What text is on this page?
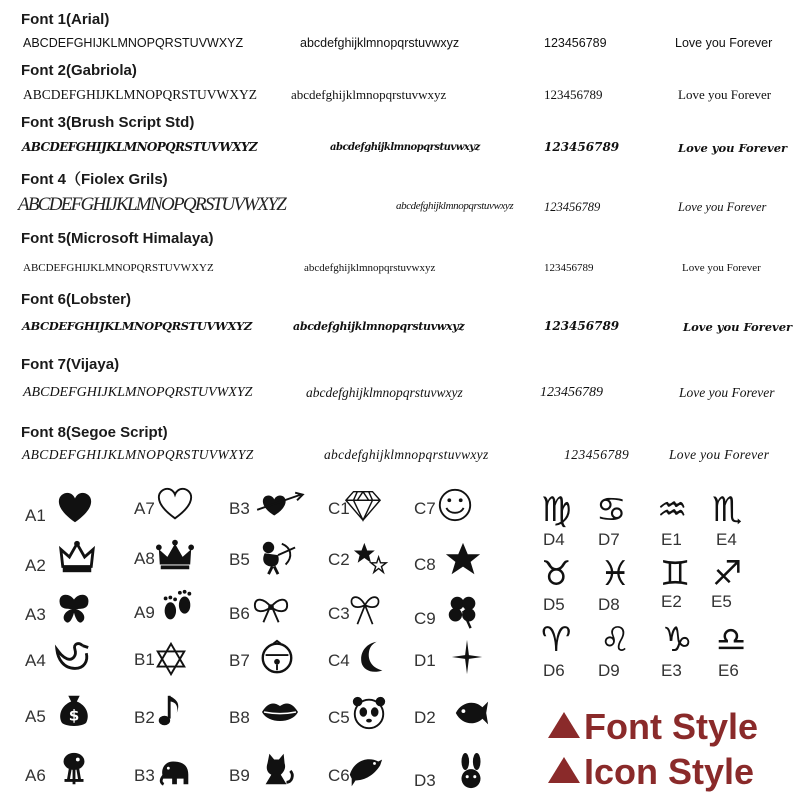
Font 1(Arial)
ABCDEFGHIJKLMNOPQRSTUVWXYZ	abcdefghijklmnopqrstuvwxyz	123456789	Love you Forever
Font 2(Gabriola)
ABCDEFGHIJKLMNOPQRSTUVWXYZ	abcdefghijklmnopqrstuvwxyz	123456789	Love you Forever
Font 3(Brush Script Std)
ABCDEFGHIJKLMNOPQRSTUVWXYZ	abcdefghijklmnopqrstuvwxyz	123456789	Love you Forever
Font 4（Fiolex Grils)
ABCDEFGHIJKLMNOPQRSTUVWXYZ	abcdefghijklmnopqrstuvwxyz 123456789	Love you Forever
Font 5(Microsoft Himalaya)
ABCDEFGHIJKLMNOPQRSTUVWXYZ	abcdefghijklmnopqrstuvwxyz	123456789	Love you Forever
Font 6(Lobster)
ABCDEFGHIJKLMNOPQRSTUVWXYZ	abcdefghijklmnopqrstuvwxyz	123456789	Love you Forever
Font 7(Vijaya)
ABCDEFGHIJKLMNOPQRSTUVWXYZ	abcdefghijklmnopqrstuvwxyz	123456789	Love you Forever
Font 8(Segoe Script)
ABCDEFGHIJKLMNOPQRSTUVWXYZ	abcdefghijklmnopqrstuvwxyz	123456789	Love you Forever
A1
A2
A3
A4
A5 $
A6
A7
A8
A9
B1
B2
B3
B3
B5
B6
B7
B8
B9
C1
C2
C3
C4
C5
C6
C7
C8
C9
D1
D2
D3
♍
D4
♋
D7
♒
E1
♏
E4
♉
D5
♓
D8
♊
E2
♐
E5
♈
D6
♌
D9
♑
E3
♎
E6
Font Style
Icon Style
